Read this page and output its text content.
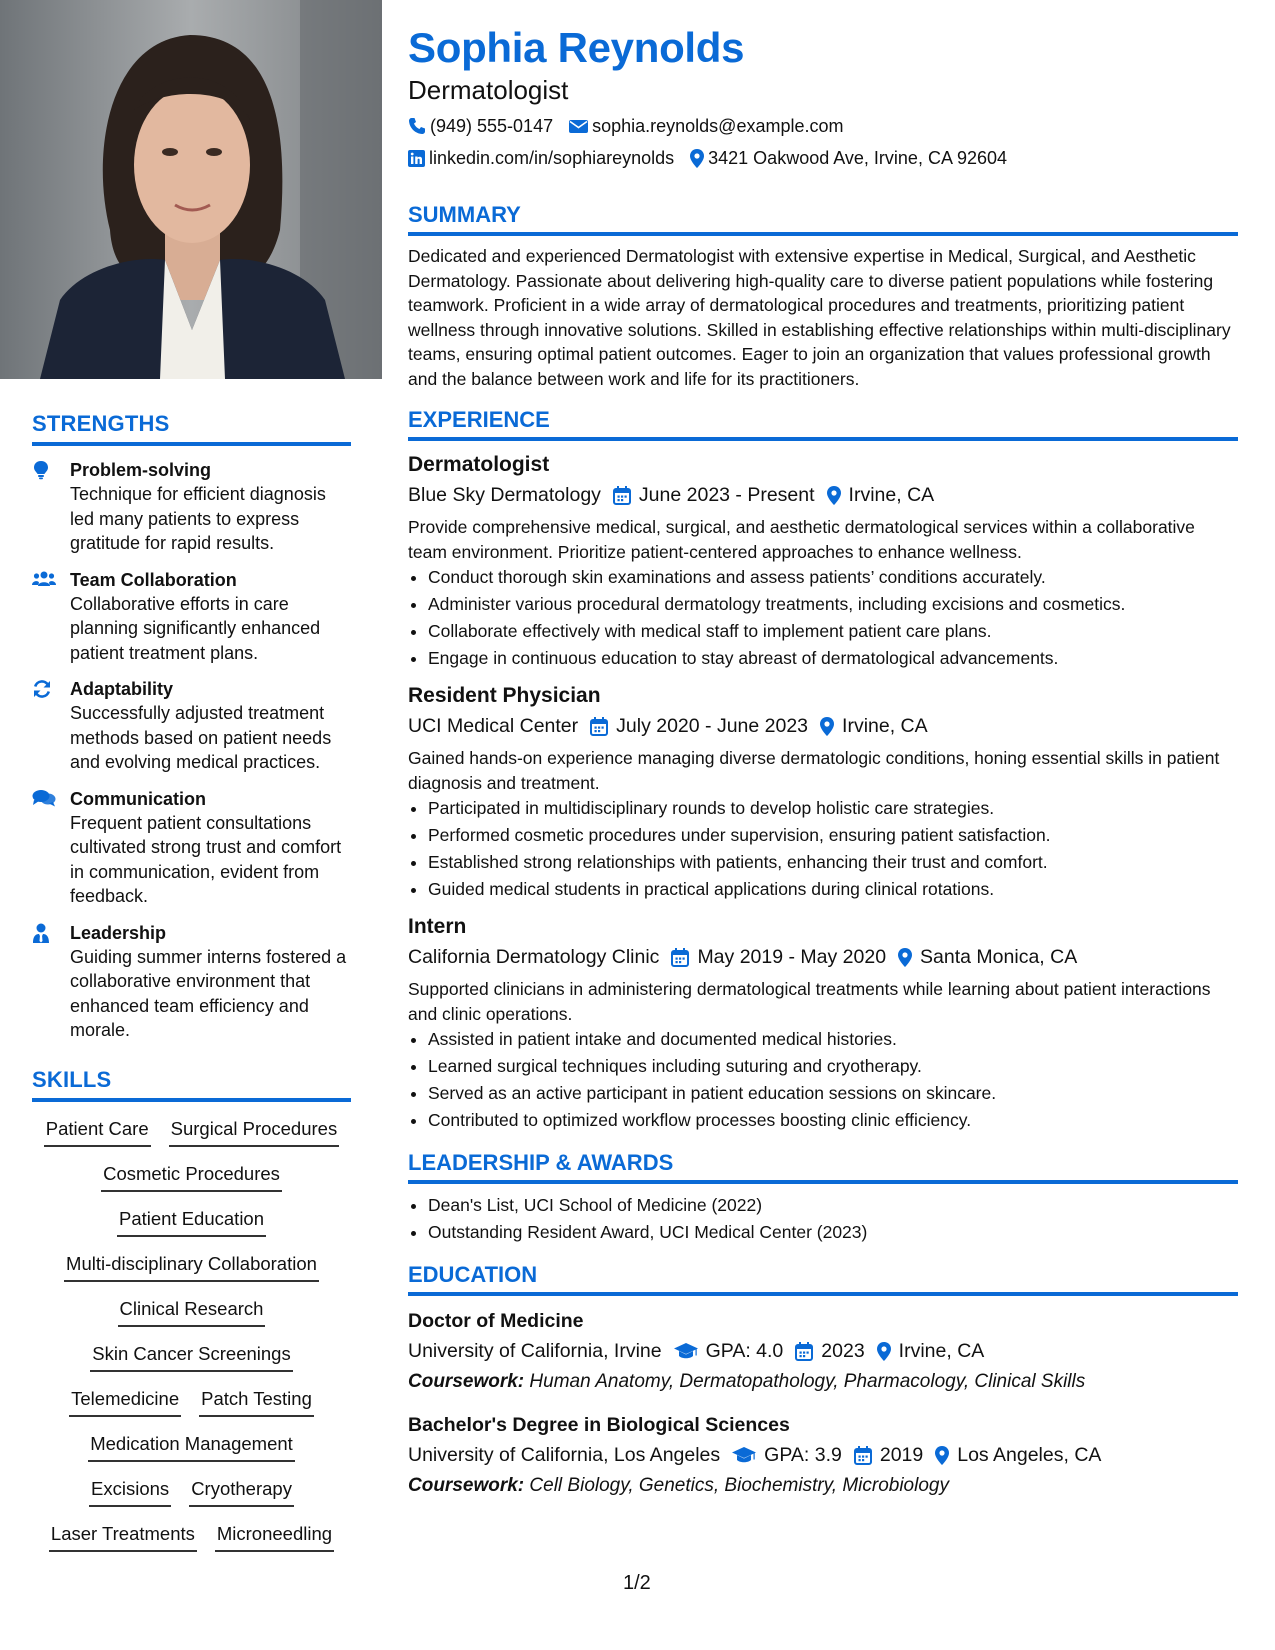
STRENGTHS
Problem-solving
Technique for efficient diagnosis led many patients to express gratitude for rapid results.
Team Collaboration
Collaborative efforts in care planning significantly enhanced patient treatment plans.
Adaptability
Successfully adjusted treatment methods based on patient needs and evolving medical practices.
Communication
Frequent patient consultations cultivated strong trust and comfort in communication, evident from feedback.
Leadership
Guiding summer interns fostered a collaborative environment that enhanced team efficiency and morale.
SKILLS
Patient Care Surgical Procedures
Cosmetic Procedures
Patient Education
Multi-disciplinary Collaboration
Clinical Research
Skin Cancer Screenings
Telemedicine Patch Testing
Medication Management
Excisions Cryotherapy
Laser Treatments Microneedling
Sophia Reynolds
Dermatologist
(949) 555-0147 sophia.reynolds@example.com
linkedin.com/in/sophiareynolds 3421 Oakwood Ave, Irvine, CA 92604
SUMMARY
Dedicated and experienced Dermatologist with extensive expertise in Medical, Surgical, and Aesthetic Dermatology. Passionate about delivering high-quality care to diverse patient populations while fostering teamwork. Proficient in a wide array of dermatological procedures and treatments, prioritizing patient wellness through innovative solutions. Skilled in establishing effective relationships within multi-disciplinary teams, ensuring optimal patient outcomes. Eager to join an organization that values professional growth and the balance between work and life for its practitioners.
EXPERIENCE
Dermatologist
Blue Sky Dermatology June 2023 - Present Irvine, CA
Provide comprehensive medical, surgical, and aesthetic dermatological services within a collaborative team environment. Prioritize patient-centered approaches to enhance wellness.
• Conduct thorough skin examinations and assess patients’ conditions accurately.
• Administer various procedural dermatology treatments, including excisions and cosmetics.
• Collaborate effectively with medical staff to implement patient care plans.
• Engage in continuous education to stay abreast of dermatological advancements.
Resident Physician
UCI Medical Center July 2020 - June 2023 Irvine, CA
Gained hands-on experience managing diverse dermatologic conditions, honing essential skills in patient diagnosis and treatment.
• Participated in multidisciplinary rounds to develop holistic care strategies.
• Performed cosmetic procedures under supervision, ensuring patient satisfaction.
• Established strong relationships with patients, enhancing their trust and comfort.
• Guided medical students in practical applications during clinical rotations.
Intern
California Dermatology Clinic May 2019 - May 2020 Santa Monica, CA
Supported clinicians in administering dermatological treatments while learning about patient interactions and clinic operations.
• Assisted in patient intake and documented medical histories.
• Learned surgical techniques including suturing and cryotherapy.
• Served as an active participant in patient education sessions on skincare.
• Contributed to optimized workflow processes boosting clinic efficiency.
LEADERSHIP & AWARDS
• Dean's List, UCI School of Medicine (2022)
• Outstanding Resident Award, UCI Medical Center (2023)
EDUCATION
Doctor of Medicine
University of California, Irvine GPA: 4.0 2023 Irvine, CA
Coursework: Human Anatomy, Dermatopathology, Pharmacology, Clinical Skills
Bachelor's Degree in Biological Sciences
University of California, Los Angeles GPA: 3.9 2019 Los Angeles, CA
Coursework: Cell Biology, Genetics, Biochemistry, Microbiology
1/2
